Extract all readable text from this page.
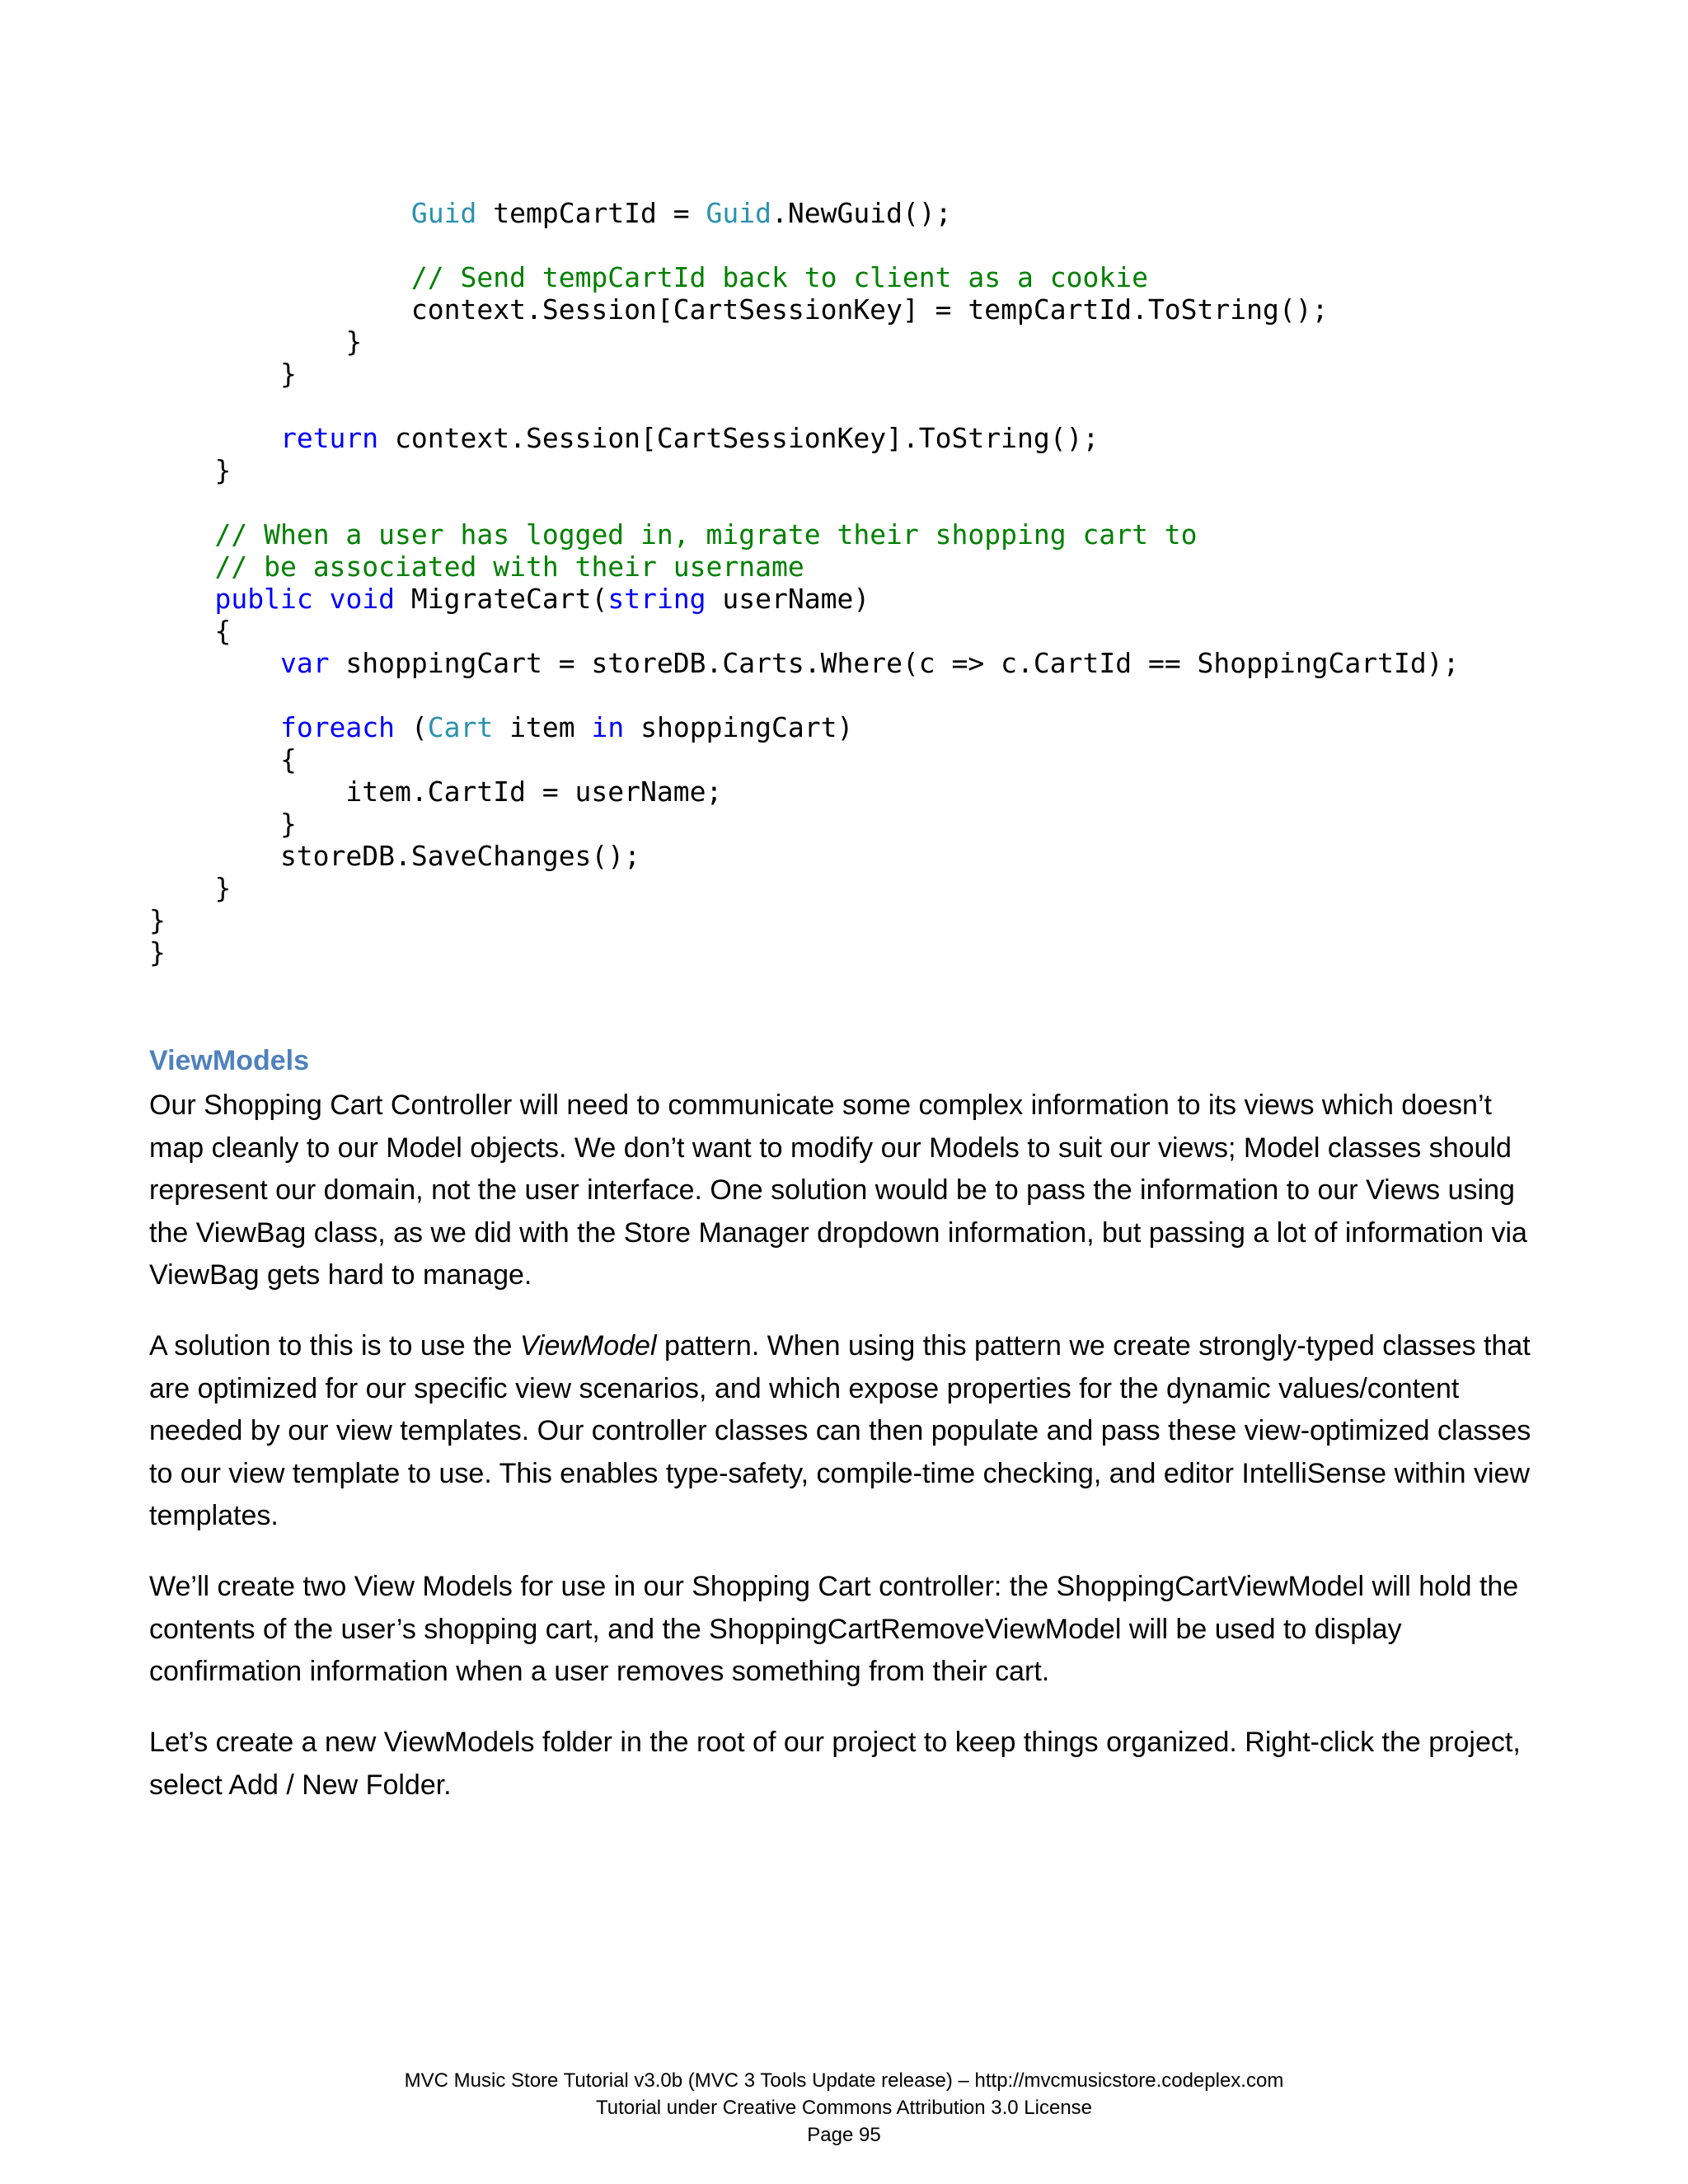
Guid tempCartId = Guid.NewGuid();
// Send tempCartId back to client as a cookie
context.Session[CartSessionKey] = tempCartId.ToString();
}
}
return context.Session[CartSessionKey].ToString();
}
// When a user has logged in, migrate their shopping cart to
// be associated with their username
public void MigrateCart(string userName)
{
var shoppingCart = storeDB.Carts.Where(c => c.CartId == ShoppingCartId);
foreach (Cart item in shoppingCart)
{
item.CartId = userName;
}
storeDB.SaveChanges();
}
}
}
ViewModels

Our Shopping Cart Controller will need to communicate some complex information to its views which doesn’t map cleanly to our Model objects. We don’t want to modify our Models to suit our views; Model classes should represent our domain, not the user interface. One solution would be to pass the information to our Views using the ViewBag class, as we did with the Store Manager dropdown information, but passing a lot of information via ViewBag gets hard to manage.

A solution to this is to use the ViewModel pattern. When using this pattern we create strongly-typed classes that are optimized for our specific view scenarios, and which expose properties for the dynamic values/content needed by our view templates. Our controller classes can then populate and pass these view-optimized classes to our view template to use. This enables type-safety, compile-time checking, and editor IntelliSense within view templates.

We’ll create two View Models for use in our Shopping Cart controller: the ShoppingCartViewModel will hold the contents of the user’s shopping cart, and the ShoppingCartRemoveViewModel will be used to display confirmation information when a user removes something from their cart.

Let’s create a new ViewModels folder in the root of our project to keep things organized. Right-click the project, select Add / New Folder.

MVC Music Store Tutorial v3.0b (MVC 3 Tools Update release) – http://mvcmusicstore.codeplex.com
Tutorial under Creative Commons Attribution 3.0 License
Page 95
